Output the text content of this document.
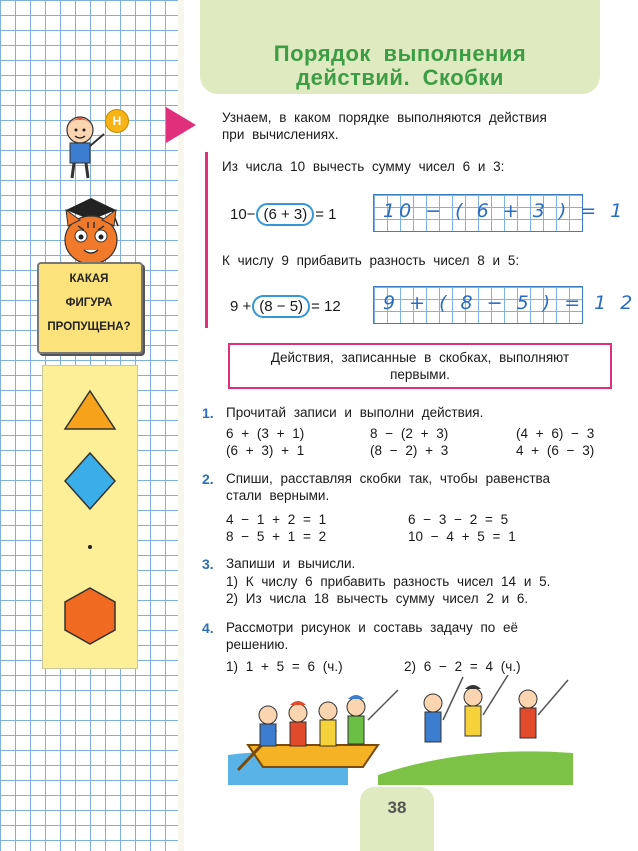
Н
КАКАЯ
ФИГУРА
ПРОПУЩЕНА?
Порядок выполнения
действий. Скобки
Узнаем, в каком порядке выполняются действия
при вычислениях.
Из числа 10 вычесть сумму чисел 6 и 3:
10− (6 + 3) = 1 10 − ( 6 + 3 ) = 1
К числу 9 прибавить разность чисел 8 и 5:
9 + (8 − 5) = 12 9 + ( 8 − 5 ) = 1 2
Действия, записанные в скобках, выполняют
первыми.
1. Прочитай записи и выполни действия.
6 + (3 + 1)	8 − (2 + 3)	(4 + 6) − 3
(6 + 3) + 1	(8 − 2) + 3	4 + (6 − 3)
2. Спиши, расставляя скобки так, чтобы равенства
стали верными.
4 − 1 + 2 = 1	6 − 3 − 2 = 5
8 − 5 + 1 = 2	10 − 4 + 5 = 1
3. Запиши и вычисли.
1) К числу 6 прибавить разность чисел 14 и 5.
2) Из числа 18 вычесть сумму чисел 2 и 6.
4. Рассмотри рисунок и составь задачу по её
решению.
1) 1 + 5 = 6 (ч.)	2) 6 − 2 = 4 (ч.)
38
